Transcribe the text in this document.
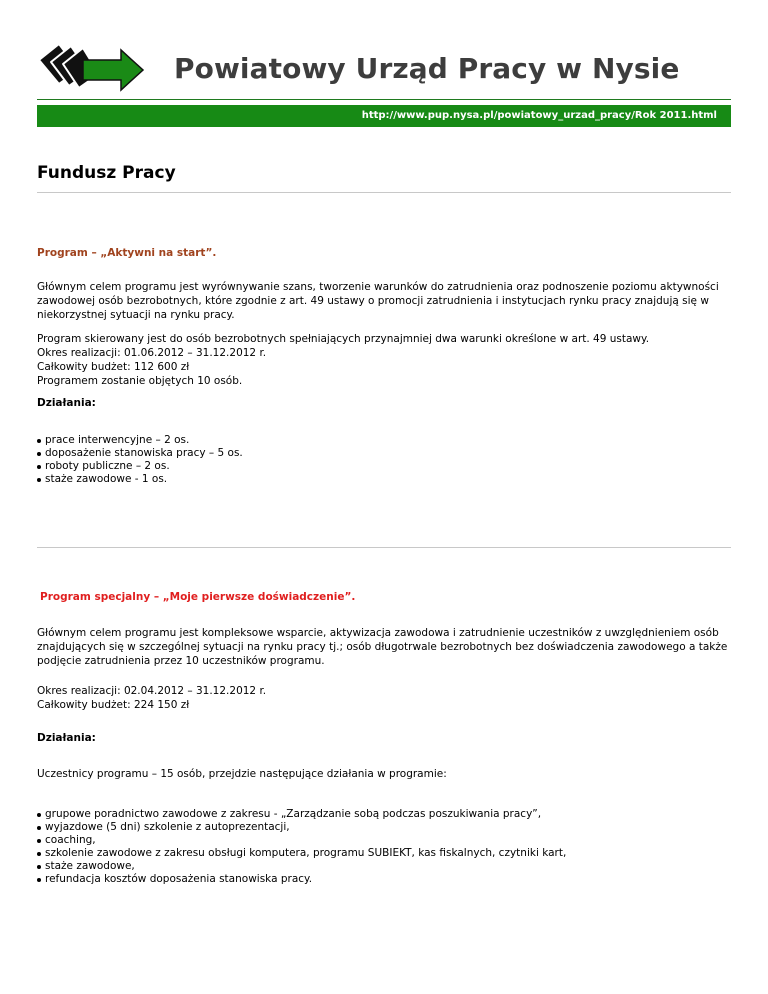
Powiatowy Urząd Pracy w Nysie
http://www.pup.nysa.pl/powiatowy_urzad_pracy/Rok 2011.html
Fundusz Pracy

Program – „Aktywni na start”.

Głównym celem programu jest wyrównywanie szans, tworzenie warunków do zatrudnienia oraz podnoszenie poziomu aktywności zawodowej osób bezrobotnych, które zgodnie z art. 49 ustawy o promocji zatrudnienia i instytucjach rynku pracy znajdują się w niekorzystnej sytuacji na rynku pracy.

Program skierowany jest do osób bezrobotnych spełniających przynajmniej dwa warunki określone w art. 49 ustawy.

Okres realizacji: 01.06.2012 – 31.12.2012 r.

Całkowity budżet: 112 600 zł

Programem zostanie objętych 10 osób.

Działania:

prace interwencyjne – 2 os.
doposażenie stanowiska pracy – 5 os.
roboty publiczne – 2 os.
staże zawodowe - 1 os.

Program specjalny – „Moje pierwsze doświadczenie”.

Głównym celem programu jest kompleksowe wsparcie, aktywizacja zawodowa i zatrudnienie uczestników z uwzględnieniem osób znajdujących się w szczególnej sytuacji na rynku pracy tj.; osób długotrwale bezrobotnych bez doświadczenia zawodowego a także podjęcie zatrudnienia przez 10 uczestników programu.

Okres realizacji: 02.04.2012 – 31.12.2012 r.

Całkowity budżet: 224 150 zł

Działania:

Uczestnicy programu – 15 osób, przejdzie następujące działania w programie:

grupowe poradnictwo zawodowe z zakresu - „Zarządzanie sobą podczas poszukiwania pracy”,
wyjazdowe (5 dni) szkolenie z autoprezentacji,
coaching,
szkolenie zawodowe z zakresu obsługi komputera, programu SUBIEKT, kas fiskalnych, czytniki kart,
staże zawodowe,
refundacja kosztów doposażenia stanowiska pracy.
